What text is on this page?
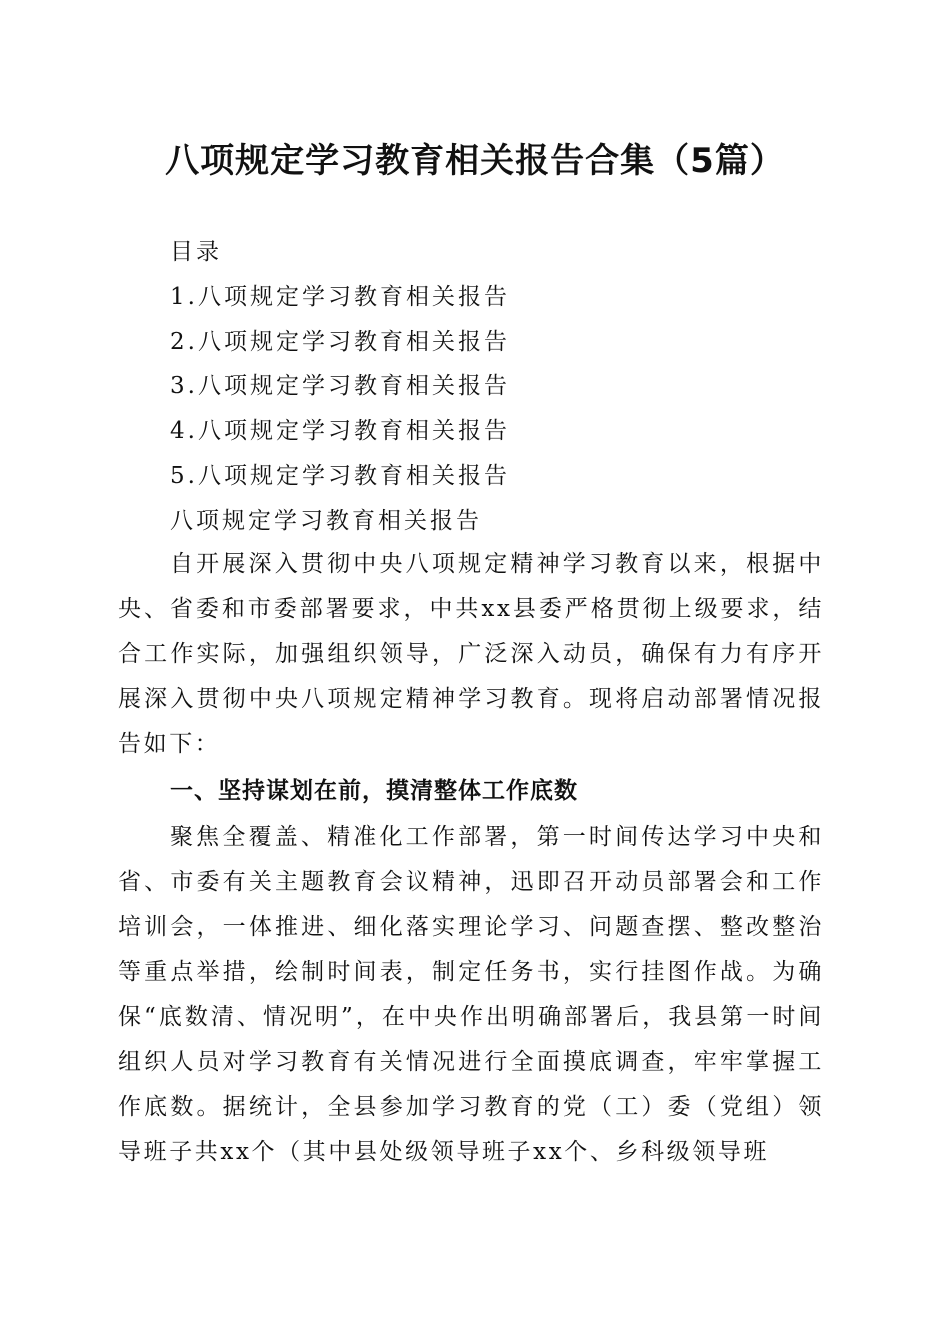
八项规定学习教育相关报告合集（5篇）
目录
1.八项规定学习教育相关报告
2.八项规定学习教育相关报告
3.八项规定学习教育相关报告
4.八项规定学习教育相关报告
5.八项规定学习教育相关报告
八项规定学习教育相关报告

自开展深入贯彻中央八项规定精神学习教育以来，根据中央、省委和市委部署要求，中共xx县委严格贯彻上级要求，结合工作实际，加强组织领导，广泛深入动员，确保有力有序开展深入贯彻中央八项规定精神学习教育。现将启动部署情况报告如下：

一、坚持谋划在前，摸清整体工作底数

聚焦全覆盖、精准化工作部署，第一时间传达学习中央和省、市委有关主题教育会议精神，迅即召开动员部署会和工作培训会，一体推进、细化落实理论学习、问题查摆、整改整治等重点举措，绘制时间表，制定任务书，实行挂图作战。为确保“底数清、情况明”，在中央作出明确部署后，我县第一时间组织人员对学习教育有关情况进行全面摸底调查，牢牢掌握工作底数。据统计，全县参加学习教育的党（工）委（党组）领导班子共xx个（其中县处级领导班子xx个、乡科级领导班
